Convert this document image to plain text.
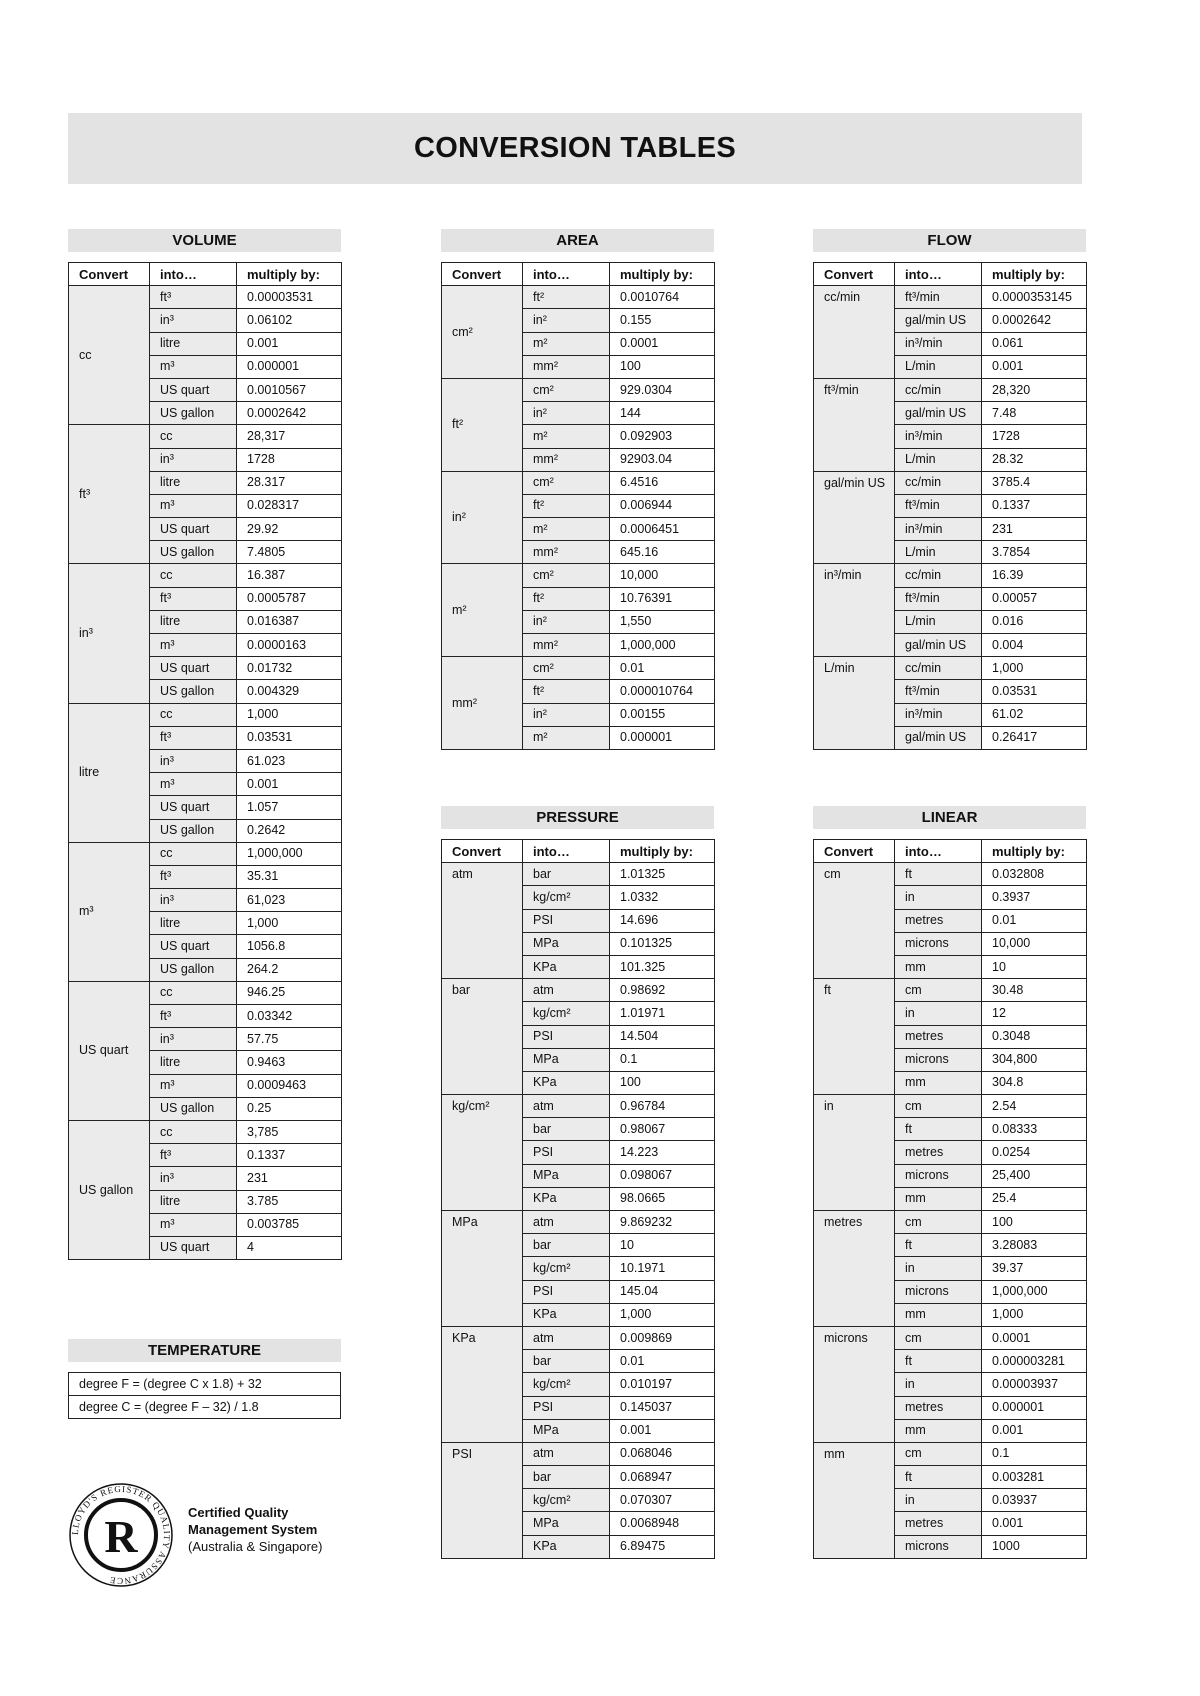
CONVERSION TABLES
VOLUME
Convert	into…	multiply by:
cc	ft³	0.00003531
	in³	0.06102
	litre	0.001
	m³	0.000001
	US quart	0.0010567
	US gallon	0.0002642
ft³	cc	28,317
	in³	1728
	litre	28.317
	m³	0.028317
	US quart	29.92
	US gallon	7.4805
in³	cc	16.387
	ft³	0.0005787
	litre	0.016387
	m³	0.0000163
	US quart	0.01732
	US gallon	0.004329
litre	cc	1,000
	ft³	0.03531
	in³	61.023
	m³	0.001
	US quart	1.057
	US gallon	0.2642
m³	cc	1,000,000
	ft³	35.31
	in³	61,023
	litre	1,000
	US quart	1056.8
	US gallon	264.2
US quart	cc	946.25
	ft³	0.03342
	in³	57.75
	litre	0.9463
	m³	0.0009463
	US gallon	0.25
US gallon	cc	3,785
	ft³	0.1337
	in³	231
	litre	3.785
	m³	0.003785
	US quart	4
AREA
Convert	into…	multiply by:
cm²	ft²	0.0010764
	in²	0.155
	m²	0.0001
	mm²	100
ft²	cm²	929.0304
	in²	144
	m²	0.092903
	mm²	92903.04
in²	cm²	6.4516
	ft²	0.006944
	m²	0.0006451
	mm²	645.16
m²	cm²	10,000
	ft²	10.76391
	in²	1,550
	mm²	1,000,000
mm²	cm²	0.01
	ft²	0.000010764
	in²	0.00155
	m²	0.000001
FLOW
Convert	into…	multiply by:
cc/min	ft³/min	0.0000353145
	gal/min US	0.0002642
	in³/min	0.061
	L/min	0.001
ft³/min	cc/min	28,320
	gal/min US	7.48
	in³/min	1728
	L/min	28.32
gal/min US	cc/min	3785.4
	ft³/min	0.1337
	in³/min	231
	L/min	3.7854
in³/min	cc/min	16.39
	ft³/min	0.00057
	L/min	0.016
	gal/min US	0.004
L/min	cc/min	1,000
	ft³/min	0.03531
	in³/min	61.02
	gal/min US	0.26417
PRESSURE
Convert	into…	multiply by:
atm	bar	1.01325
	kg/cm²	1.0332
	PSI	14.696
	MPa	0.101325
	KPa	101.325
bar	atm	0.98692
	kg/cm²	1.01971
	PSI	14.504
	MPa	0.1
	KPa	100
kg/cm²	atm	0.96784
	bar	0.98067
	PSI	14.223
	MPa	0.098067
	KPa	98.0665
MPa	atm	9.869232
	bar	10
	kg/cm²	10.1971
	PSI	145.04
	KPa	1,000
KPa	atm	0.009869
	bar	0.01
	kg/cm²	0.010197
	PSI	0.145037
	MPa	0.001
PSI	atm	0.068046
	bar	0.068947
	kg/cm²	0.070307
	MPa	0.0068948
	KPa	6.89475
LINEAR
Convert	into…	multiply by:
cm	ft	0.032808
	in	0.3937
	metres	0.01
	microns	10,000
	mm	10
ft	cm	30.48
	in	12
	metres	0.3048
	microns	304,800
	mm	304.8
in	cm	2.54
	ft	0.08333
	metres	0.0254
	microns	25,400
	mm	25.4
metres	cm	100
	ft	3.28083
	in	39.37
	microns	1,000,000
	mm	1,000
microns	cm	0.0001
	ft	0.000003281
	in	0.00003937
	metres	0.000001
	mm	0.001
mm	cm	0.1
	ft	0.003281
	in	0.03937
	metres	0.001
	microns	1000
TEMPERATURE
degree F = (degree C x 1.8) + 32
degree C = (degree F – 32) / 1.8
LLOYD'S REGISTER QUALITY ASSURANCE
R	Certified Quality
Management System
(Australia & Singapore)
